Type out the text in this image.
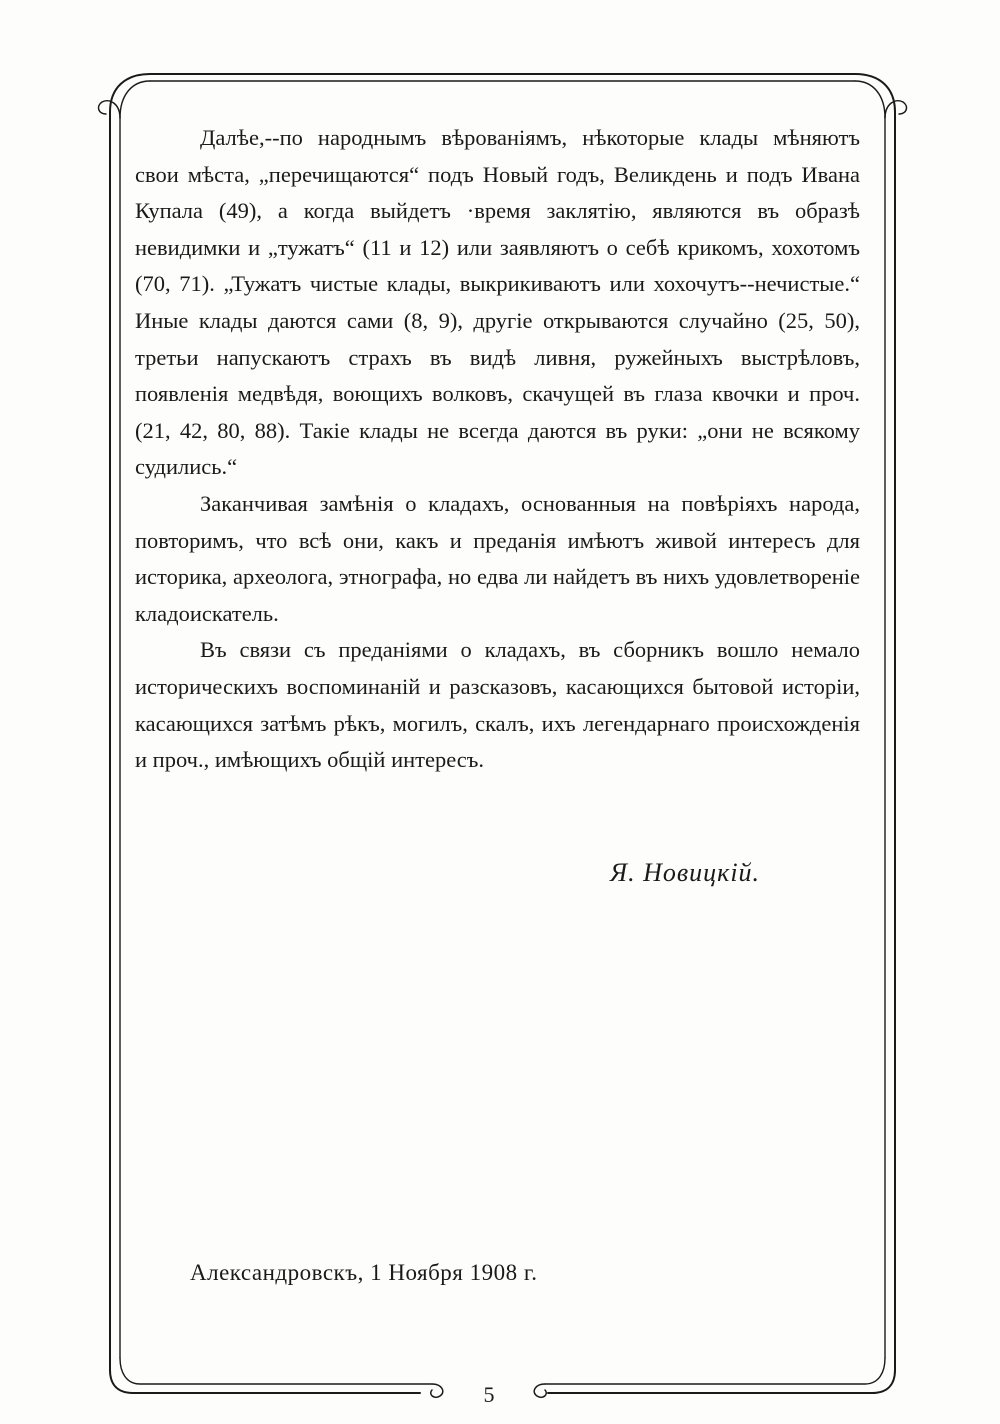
Далѣе,--по народнымъ вѣрованіямъ, нѣкоторые клады мѣняютъ свои мѣста, „перечищаются“ подъ Новый годъ, Великдень и подъ Ивана Купала (49), а когда выйдетъ ·время заклятію, являются въ образѣ невидимки и „тужатъ“ (11 и 12) или заявляютъ о себѣ крикомъ, хохотомъ (70, 71). „Тужатъ чистые клады, выкрикиваютъ или хохочутъ--нечистые.“ Иные клады даются сами (8, 9), другіе открываются случайно (25, 50), третьи напускаютъ страхъ въ видѣ ливня, ружейныхъ выстрѣловъ, появленія медвѣдя, воющихъ волковъ, скачущей въ глаза квочки и проч. (21, 42, 80, 88). Такіе клады не всегда даются въ руки: „они не всякому судились.“

Заканчивая замѣнія о кладахъ, основанныя на повѣріяхъ народа, повторимъ, что всѣ они, какъ и преданія имѣютъ живой интересъ для историка, археолога, этнографа, но едва ли найдетъ въ нихъ удовлетвореніе кладоискатель.

Въ связи съ преданіями о кладахъ, въ сборникъ вошло немало историческихъ воспоминаній и разсказовъ, касающихся бытовой исторіи, касающихся затѣмъ рѣкъ, могилъ, скалъ, ихъ легендарнаго происхожденія и проч., имѣющихъ общій интересъ.

Я. Новицкій.
Александровскъ, 1 Ноября 1908 г.
5
